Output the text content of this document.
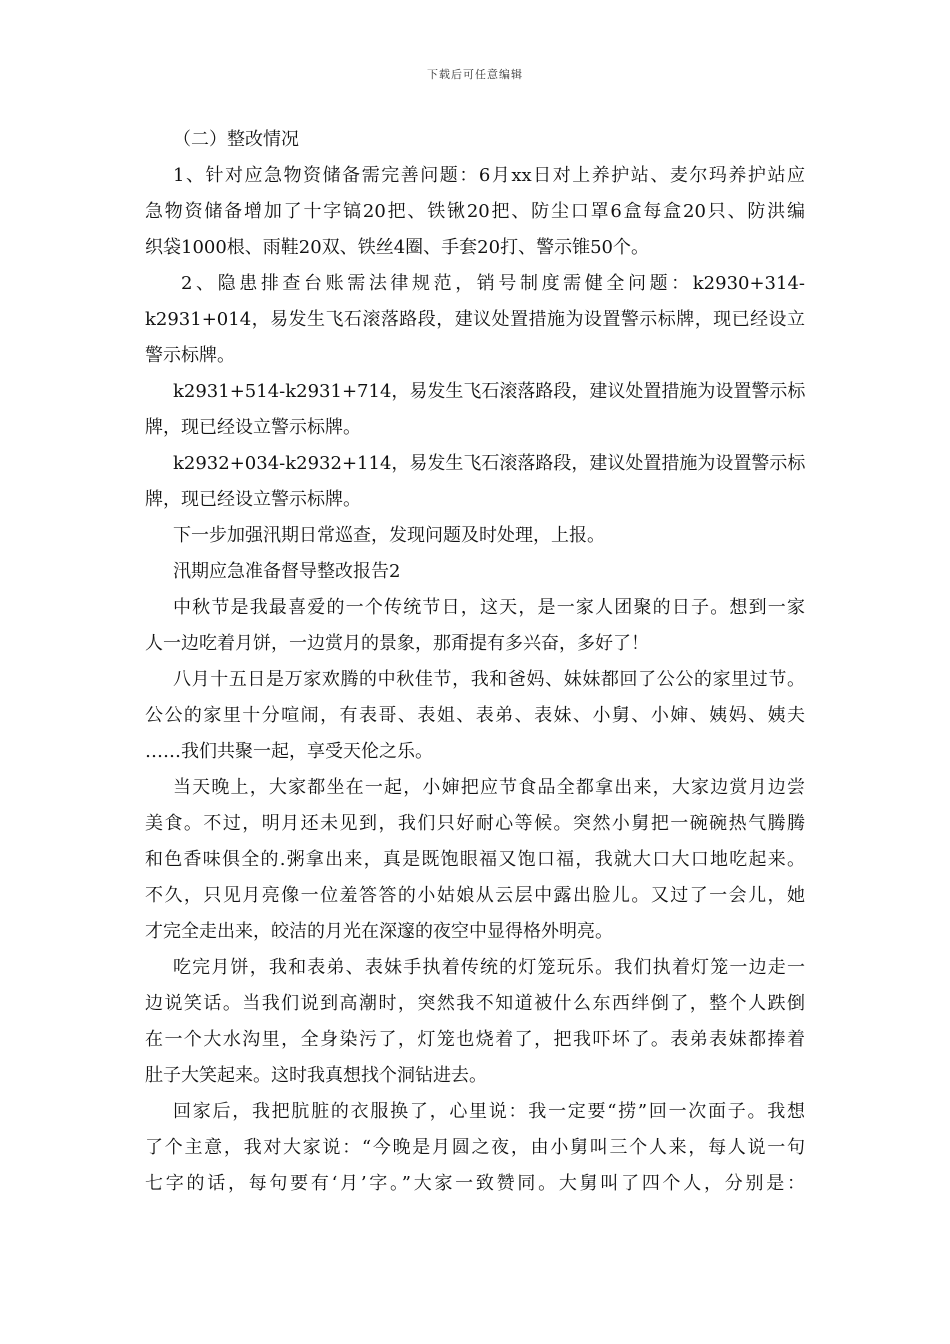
下载后可任意编辑
（二）整改情况
1、针对应急物资储备需完善问题：6月xx日对上养护站、麦尔玛养护站应
急物资储备增加了十字镐20把、铁锹20把、防尘口罩6盒每盒20只、防洪编
织袋1000根、雨鞋20双、铁丝4圈、手套20打、警示锥50个。
2、隐患排查台账需法律规范，销号制度需健全问题：k2930+314-
k2931+014，易发生飞石滚落路段，建议处置措施为设置警示标牌，现已经设立
警示标牌。
k2931+514-k2931+714，易发生飞石滚落路段，建议处置措施为设置警示标
牌，现已经设立警示标牌。
k2932+034-k2932+114，易发生飞石滚落路段，建议处置措施为设置警示标
牌，现已经设立警示标牌。
下一步加强汛期日常巡查，发现问题及时处理，上报。
汛期应急准备督导整改报告2
中秋节是我最喜爱的一个传统节日，这天，是一家人团聚的日子。想到一家
人一边吃着月饼，一边赏月的景象，那甭提有多兴奋，多好了！
八月十五日是万家欢腾的中秋佳节，我和爸妈、妹妹都回了公公的家里过节。
公公的家里十分喧闹，有表哥、表姐、表弟、表妹、小舅、小婶、姨妈、姨夫
……我们共聚一起，享受天伦之乐。
当天晚上，大家都坐在一起，小婶把应节食品全都拿出来，大家边赏月边尝
美食。不过，明月还未见到，我们只好耐心等候。突然小舅把一碗碗热气腾腾
和色香味俱全的.粥拿出来，真是既饱眼福又饱口福，我就大口大口地吃起来。
不久，只见月亮像一位羞答答的小姑娘从云层中露出脸儿。又过了一会儿，她
才完全走出来，皎洁的月光在深邃的夜空中显得格外明亮。
吃完月饼，我和表弟、表妹手执着传统的灯笼玩乐。我们执着灯笼一边走一
边说笑话。当我们说到高潮时，突然我不知道被什么东西绊倒了，整个人跌倒
在一个大水沟里，全身染污了，灯笼也烧着了，把我吓坏了。表弟表妹都捧着
肚子大笑起来。这时我真想找个洞钻进去。
回家后，我把肮脏的衣服换了，心里说：我一定要“捞”回一次面子。我想
了个主意，我对大家说：“今晚是月圆之夜，由小舅叫三个人来，每人说一句
七字的话，每句要有‘月’字。”大家一致赞同。大舅叫了四个人，分别是：
